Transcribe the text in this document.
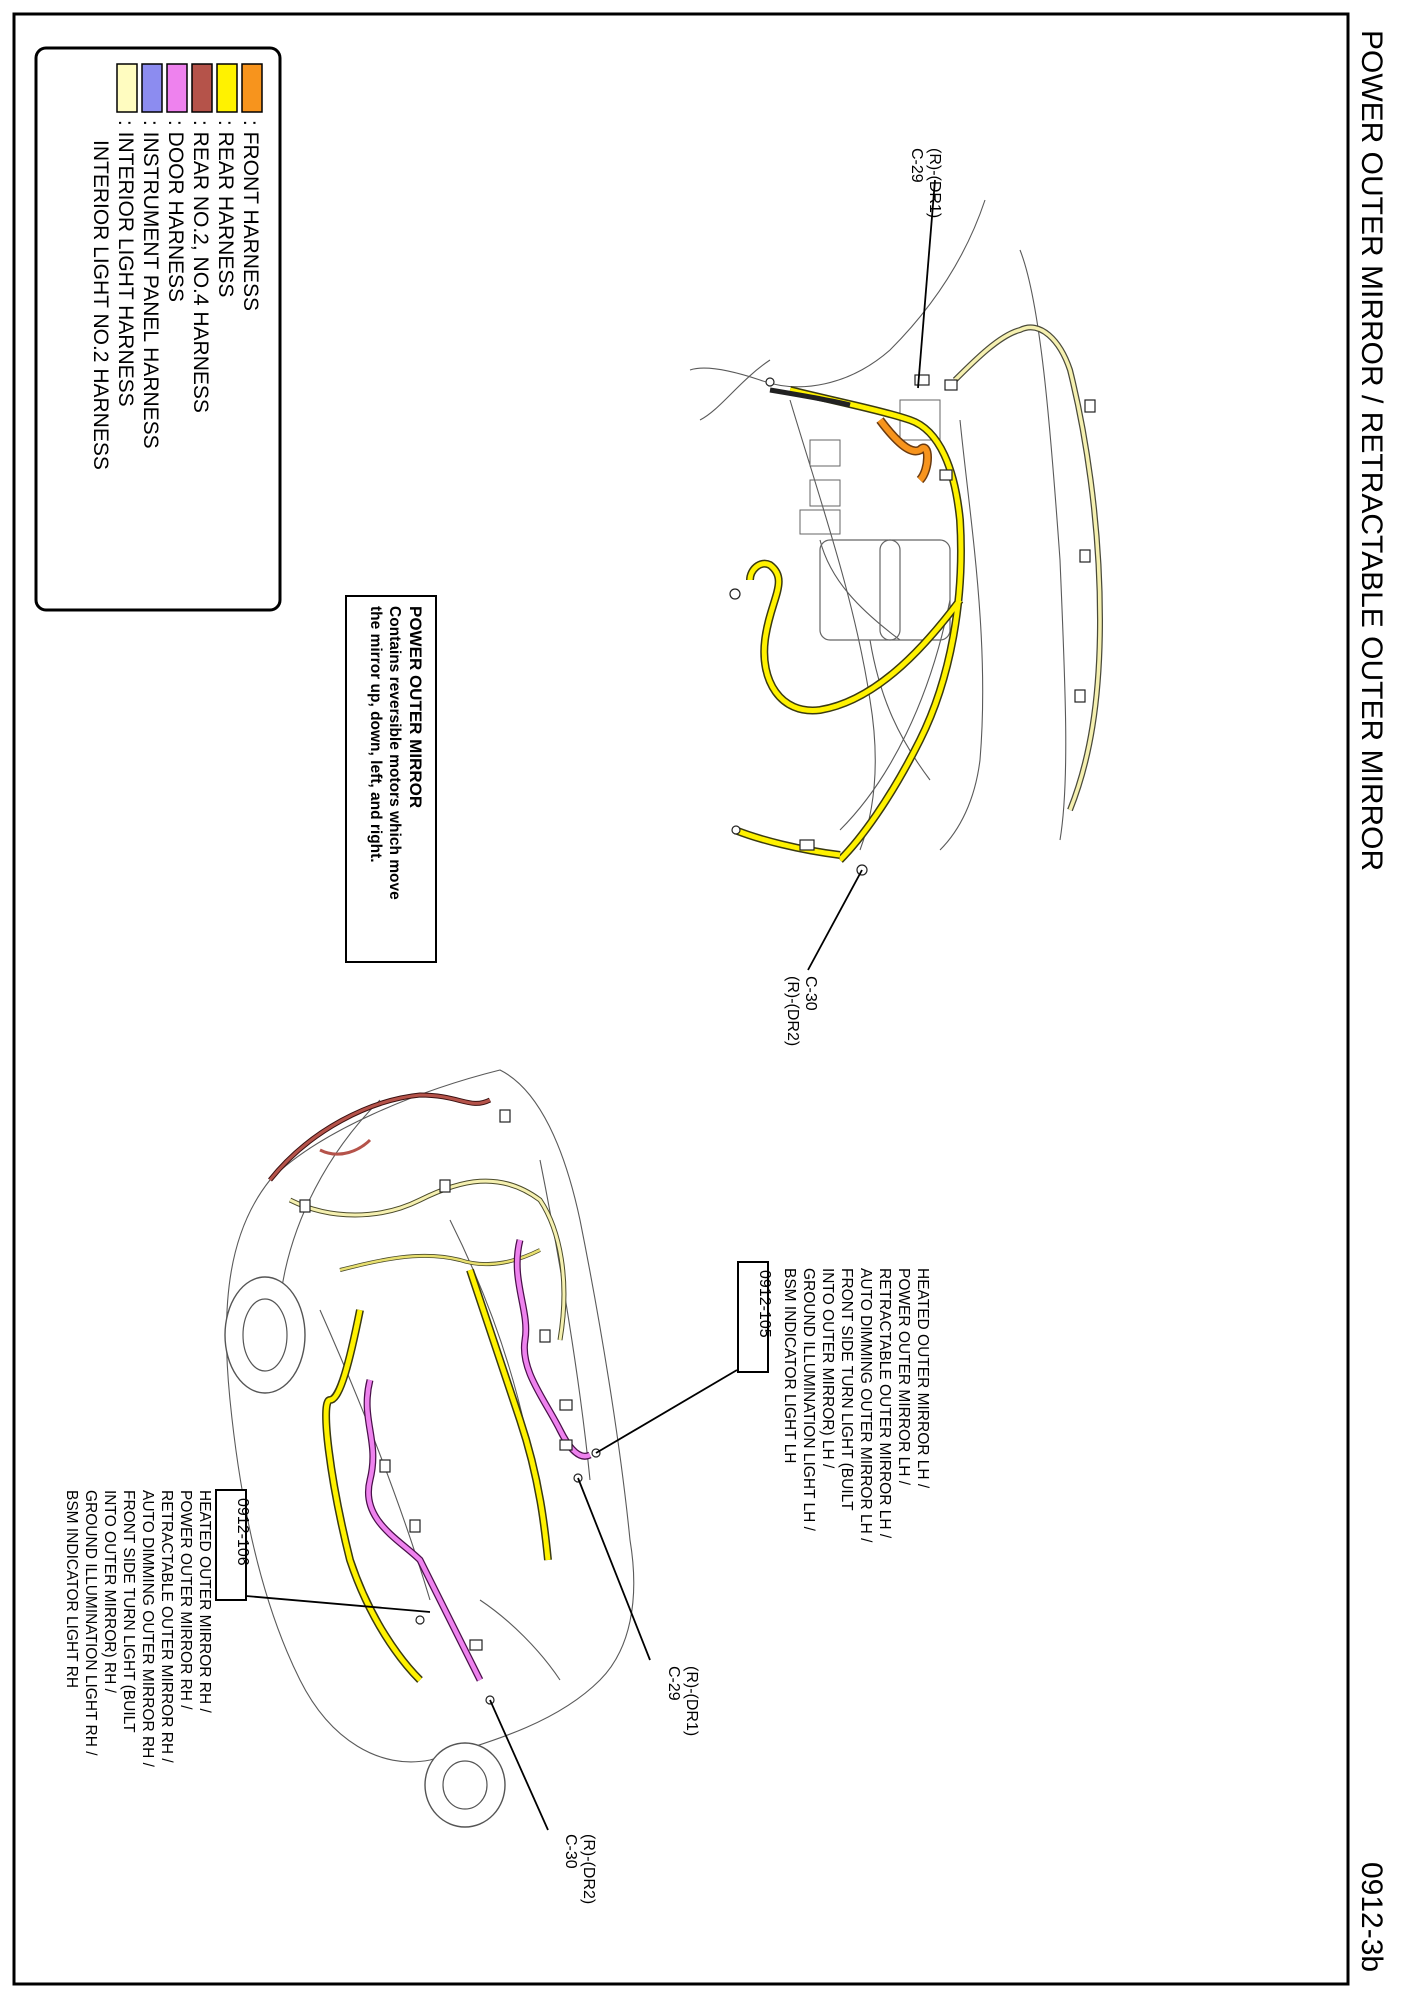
POWER OUTER MIRROR / RETRACTABLE OUTER MIRROR
0912-3b
: FRONT HARNESS
: REAR HARNESS
: REAR NO.2, NO.4 HARNESS
: DOOR HARNESS
: INSTRUMENT PANEL HARNESS
: INTERIOR LIGHT HARNESS
INTERIOR LIGHT NO.2 HARNESS
POWER OUTER MIRROR
Contains reversible motors which move
the mirror up, down, left, and right.
(R)-(DR1)
C-29
C-30
(R)-(DR2)
0912-105	HEATED OUTER MIRROR LH /
POWER OUTER MIRROR LH /
RETRACTABLE OUTER MIRROR LH /
AUTO DIMMING OUTER MIRROR LH /
FRONT SIDE TURN LIGHT (BUILT
INTO OUTER MIRROR) LH /
GROUND ILLUMINATION LIGHT LH /
BSM INDICATOR LIGHT LH
0912-106
HEATED OUTER MIRROR RH /
POWER OUTER MIRROR RH /
RETRACTABLE OUTER MIRROR RH /
AUTO DIMMING OUTER MIRROR RH /
FRONT SIDE TURN LIGHT (BUILT
INTO OUTER MIRROR) RH /
GROUND ILLUMINATION LIGHT RH /
BSM INDICATOR LIGHT RH
(R)-(DR1)
C-29
(R)-(DR2)
C-30
